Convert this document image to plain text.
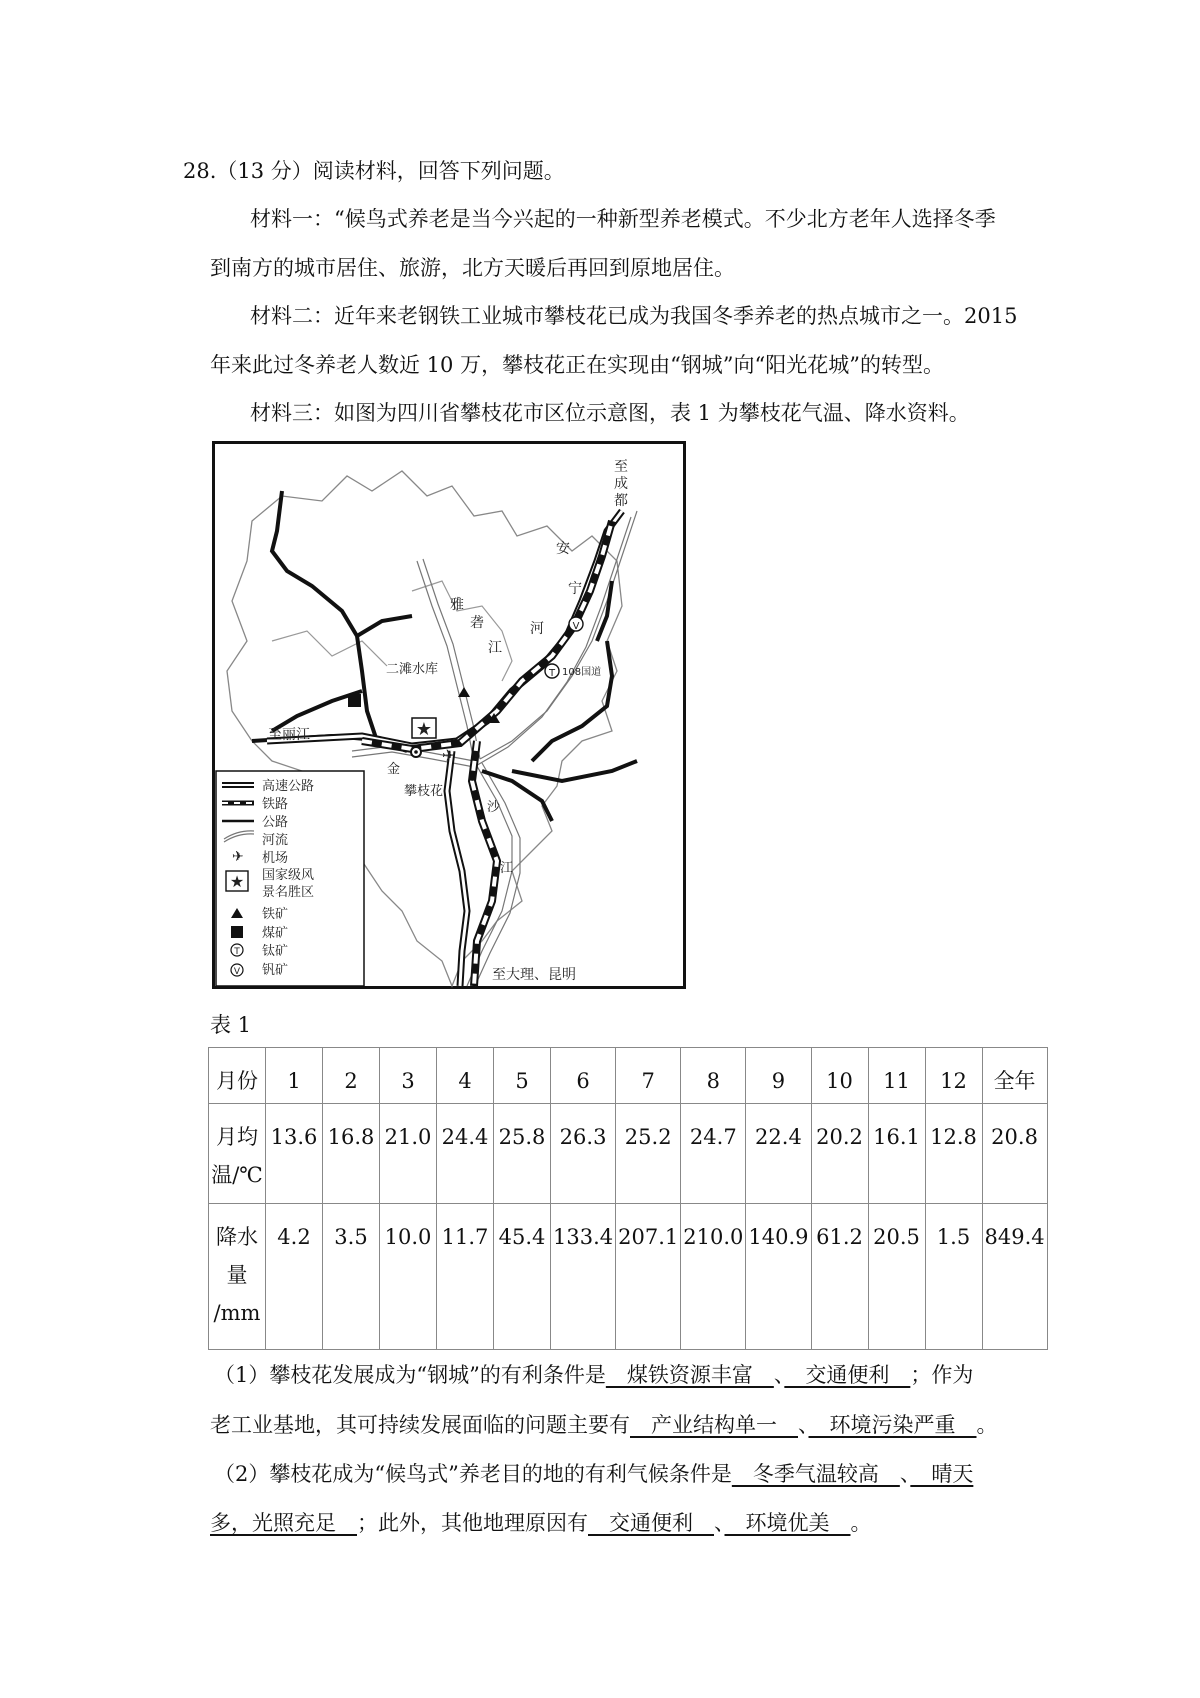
28.（13 分）阅读材料，回答下列问题。
材料一：“候鸟式养老是当今兴起的一种新型养老模式。不少北方老年人选择冬季
到南方的城市居住、旅游，北方天暖后再回到原地居住。
材料二：近年来老钢铁工业城市攀枝花已成为我国冬季养老的热点城市之一。2015
年来此过冬养老人数近 10 万，攀枝花正在实现由“钢城”向“阳光花城”的转型。
材料三：如图为四川省攀枝花市区位示意图，表 1 为攀枝花气温、降水资料。
★
✈
T
V
至
成
都
安
宁
河
雅
砻
江
二滩水库	108国道
至丽江
金
沙
江
攀枝花
至大理、昆明
✈
★
T
V
高速公路
铁路
公路
河流
机场
国家级风
景名胜区
铁矿
煤矿
钛矿
钒矿
表 1
月份	1	2	3	4	5	6	7	8	9	10	11	12	全年

月均
温/℃	13.6	16.8	21.0	24.4	25.8	26.3	25.2	24.7	22.4	20.2	16.1	12.8	20.8

降水
量
/mm	4.2	3.5	10.0	11.7	45.4	133.4	207.1	210.0	140.9	61.2	20.5	1.5	849.4
（1）攀枝花发展成为“钢城”的有利条件是　煤铁资源丰富　、　交通便利　；作为
老工业基地，其可持续发展面临的问题主要有　产业结构单一　、　环境污染严重　。
（2）攀枝花成为“候鸟式”养老目的地的有利气候条件是　冬季气温较高　、　晴天
多，光照充足　；此外，其他地理原因有　交通便利　、　环境优美　。
